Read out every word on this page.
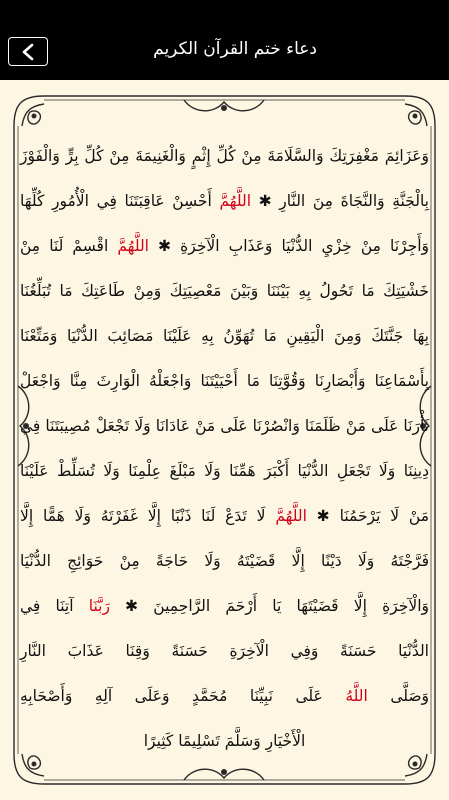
دعاء ختم القرآن الكريم
وَعَزَائِمَ مَغْفِرَتِكَ وَالسَّلَامَةَ مِنْ كُلِّ إِثْمٍ وَالْغَنِيمَةَ مِنْ كُلِّ بِرٍّ وَالْفَوْزَ
بِالْجَنَّةِ وَالنَّجَاةَ مِنَ النَّارِ ✱ اللَّهُمَّ أَحْسِنْ عَاقِبَتَنَا فِي الْأُمُورِ كُلِّهَا
وَأَجِرْنَا مِنْ خِزْيِ الدُّنْيَا وَعَذَابِ الْآخِرَةِ ✱ اللَّهُمَّ اقْسِمْ لَنَا مِنْ
خَشْيَتِكَ مَا تَحُولُ بِهِ بَيْنَنَا وَبَيْنَ مَعْصِيَتِكَ وَمِنْ طَاعَتِكَ مَا تُبَلِّغُنَا
بِهَا جَنَّتَكَ وَمِنَ الْيَقِينِ مَا تُهَوِّنُ بِهِ عَلَيْنَا مَصَائِبَ الدُّنْيَا وَمَتِّعْنَا
بِأَسْمَاعِنَا وَأَبْصَارِنَا وَقُوَّتِنَا مَا أَحْيَيْتَنَا وَاجْعَلْهُ الْوَارِثَ مِنَّا وَاجْعَلْ
ثَأْرَنَا عَلَى مَنْ ظَلَمَنَا وَانْصُرْنَا عَلَى مَنْ عَادَانَا وَلَا تَجْعَلْ مُصِيبَتَنَا فِي
دِينِنَا وَلَا تَجْعَلِ الدُّنْيَا أَكْبَرَ هَمِّنَا وَلَا مَبْلَغَ عِلْمِنَا وَلَا تُسَلِّطْ عَلَيْنَا
مَنْ لَا يَرْحَمُنَا ✱ اللَّهُمَّ لَا تَدَعْ لَنَا ذَنْبًا إِلَّا غَفَرْتَهُ وَلَا هَمًّا إِلَّا
فَرَّجْتَهُ وَلَا دَيْنًا إِلَّا قَضَيْتَهُ وَلَا حَاجَةً مِنْ حَوَائِجِ الدُّنْيَا
وَالْآخِرَةِ إِلَّا قَضَيْتَهَا يَا أَرْحَمَ الرَّاحِمِينَ ✱ رَبَّنَا آتِنَا فِي
الدُّنْيَا حَسَنَةً وَفِي الْآخِرَةِ حَسَنَةً وَقِنَا عَذَابَ النَّارِ
وَصَلَّى اللَّهُ عَلَى نَبِيِّنَا مُحَمَّدٍ وَعَلَى آلِهِ وَأَصْحَابِهِ
الْأَخْيَارِ وَسَلَّمَ تَسْلِيمًا كَثِيرًا
